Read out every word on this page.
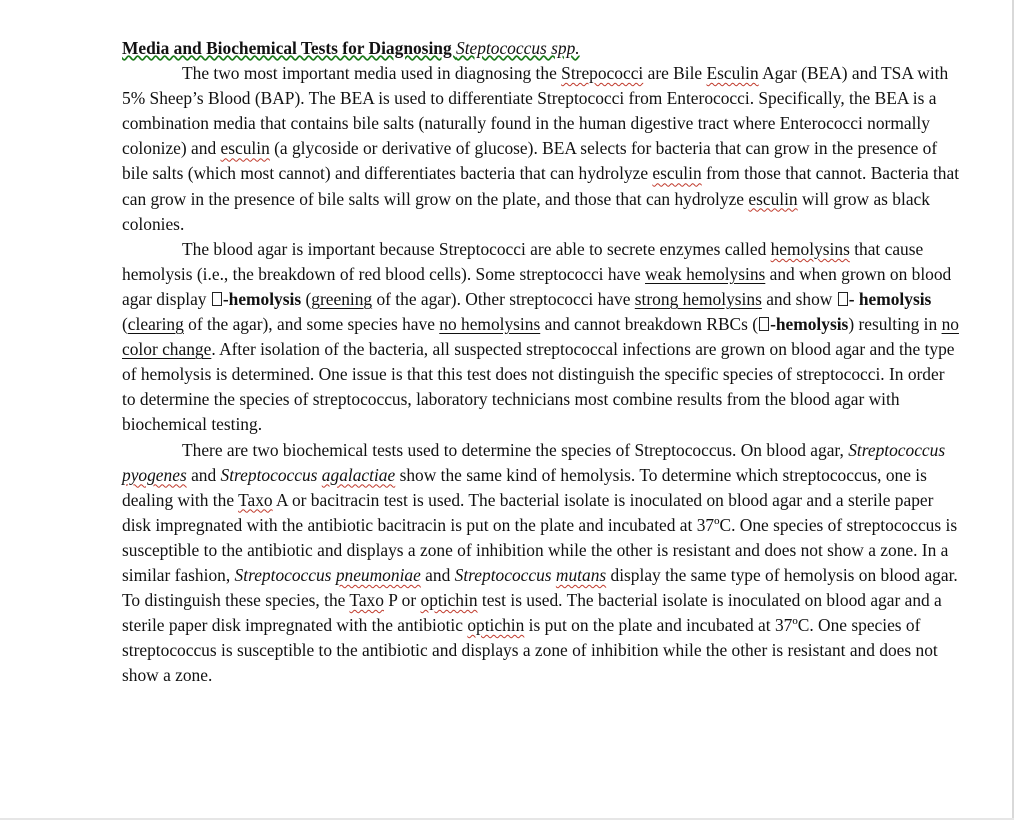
Media and Biochemical Tests for Diagnosing Steptococcus spp.

The two most important media used in diagnosing the Strepococci are Bile Esculin Agar (BEA) and TSA with 5% Sheep’s Blood (BAP). The BEA is used to differentiate Streptococci from Enterococci. Specifically, the BEA is a combination media that contains bile salts (naturally found in the human digestive tract where Enterococci normally colonize) and esculin (a glycoside or derivative of glucose). BEA selects for bacteria that can grow in the presence of bile salts (which most cannot) and differentiates bacteria that can hydrolyze esculin from those that cannot. Bacteria that can grow in the presence of bile salts will grow on the plate, and those that can hydrolyze esculin will grow as black colonies.

The blood agar is important because Streptococci are able to secrete enzymes called hemolysins that cause hemolysis (i.e., the breakdown of red blood cells). Some streptococci have weak hemolysins and when grown on blood agar display -hemolysis (greening of the agar). Other streptococci have strong hemolysins and show - hemolysis (clearing of the agar), and some species have no hemolysins and cannot breakdown RBCs ( -hemolysis) resulting in no color change. After isolation of the bacteria, all suspected streptococcal infections are grown on blood agar and the type of hemolysis is determined. One issue is that this test does not distinguish the specific species of streptococci. In order to determine the species of streptococcus, laboratory technicians most combine results from the blood agar with biochemical testing.

There are two biochemical tests used to determine the species of Streptococcus. On blood agar, Streptococcus pyogenes and Streptococcus agalactiae show the same kind of hemolysis. To determine which streptococcus, one is dealing with the Taxo A or bacitracin test is used. The bacterial isolate is inoculated on blood agar and a sterile paper disk impregnated with the antibiotic bacitracin is put on the plate and incubated at 37ºC. One species of streptococcus is susceptible to the antibiotic and displays a zone of inhibition while the other is resistant and does not show a zone. In a similar fashion, Streptococcus pneumoniae and Streptococcus mutans display the same type of hemolysis on blood agar. To distinguish these species, the Taxo P or optichin test is used. The bacterial isolate is inoculated on blood agar and a sterile paper disk impregnated with the antibiotic optichin is put on the plate and incubated at 37ºC. One species of streptococcus is susceptible to the antibiotic and displays a zone of inhibition while the other is resistant and does not show a zone.
